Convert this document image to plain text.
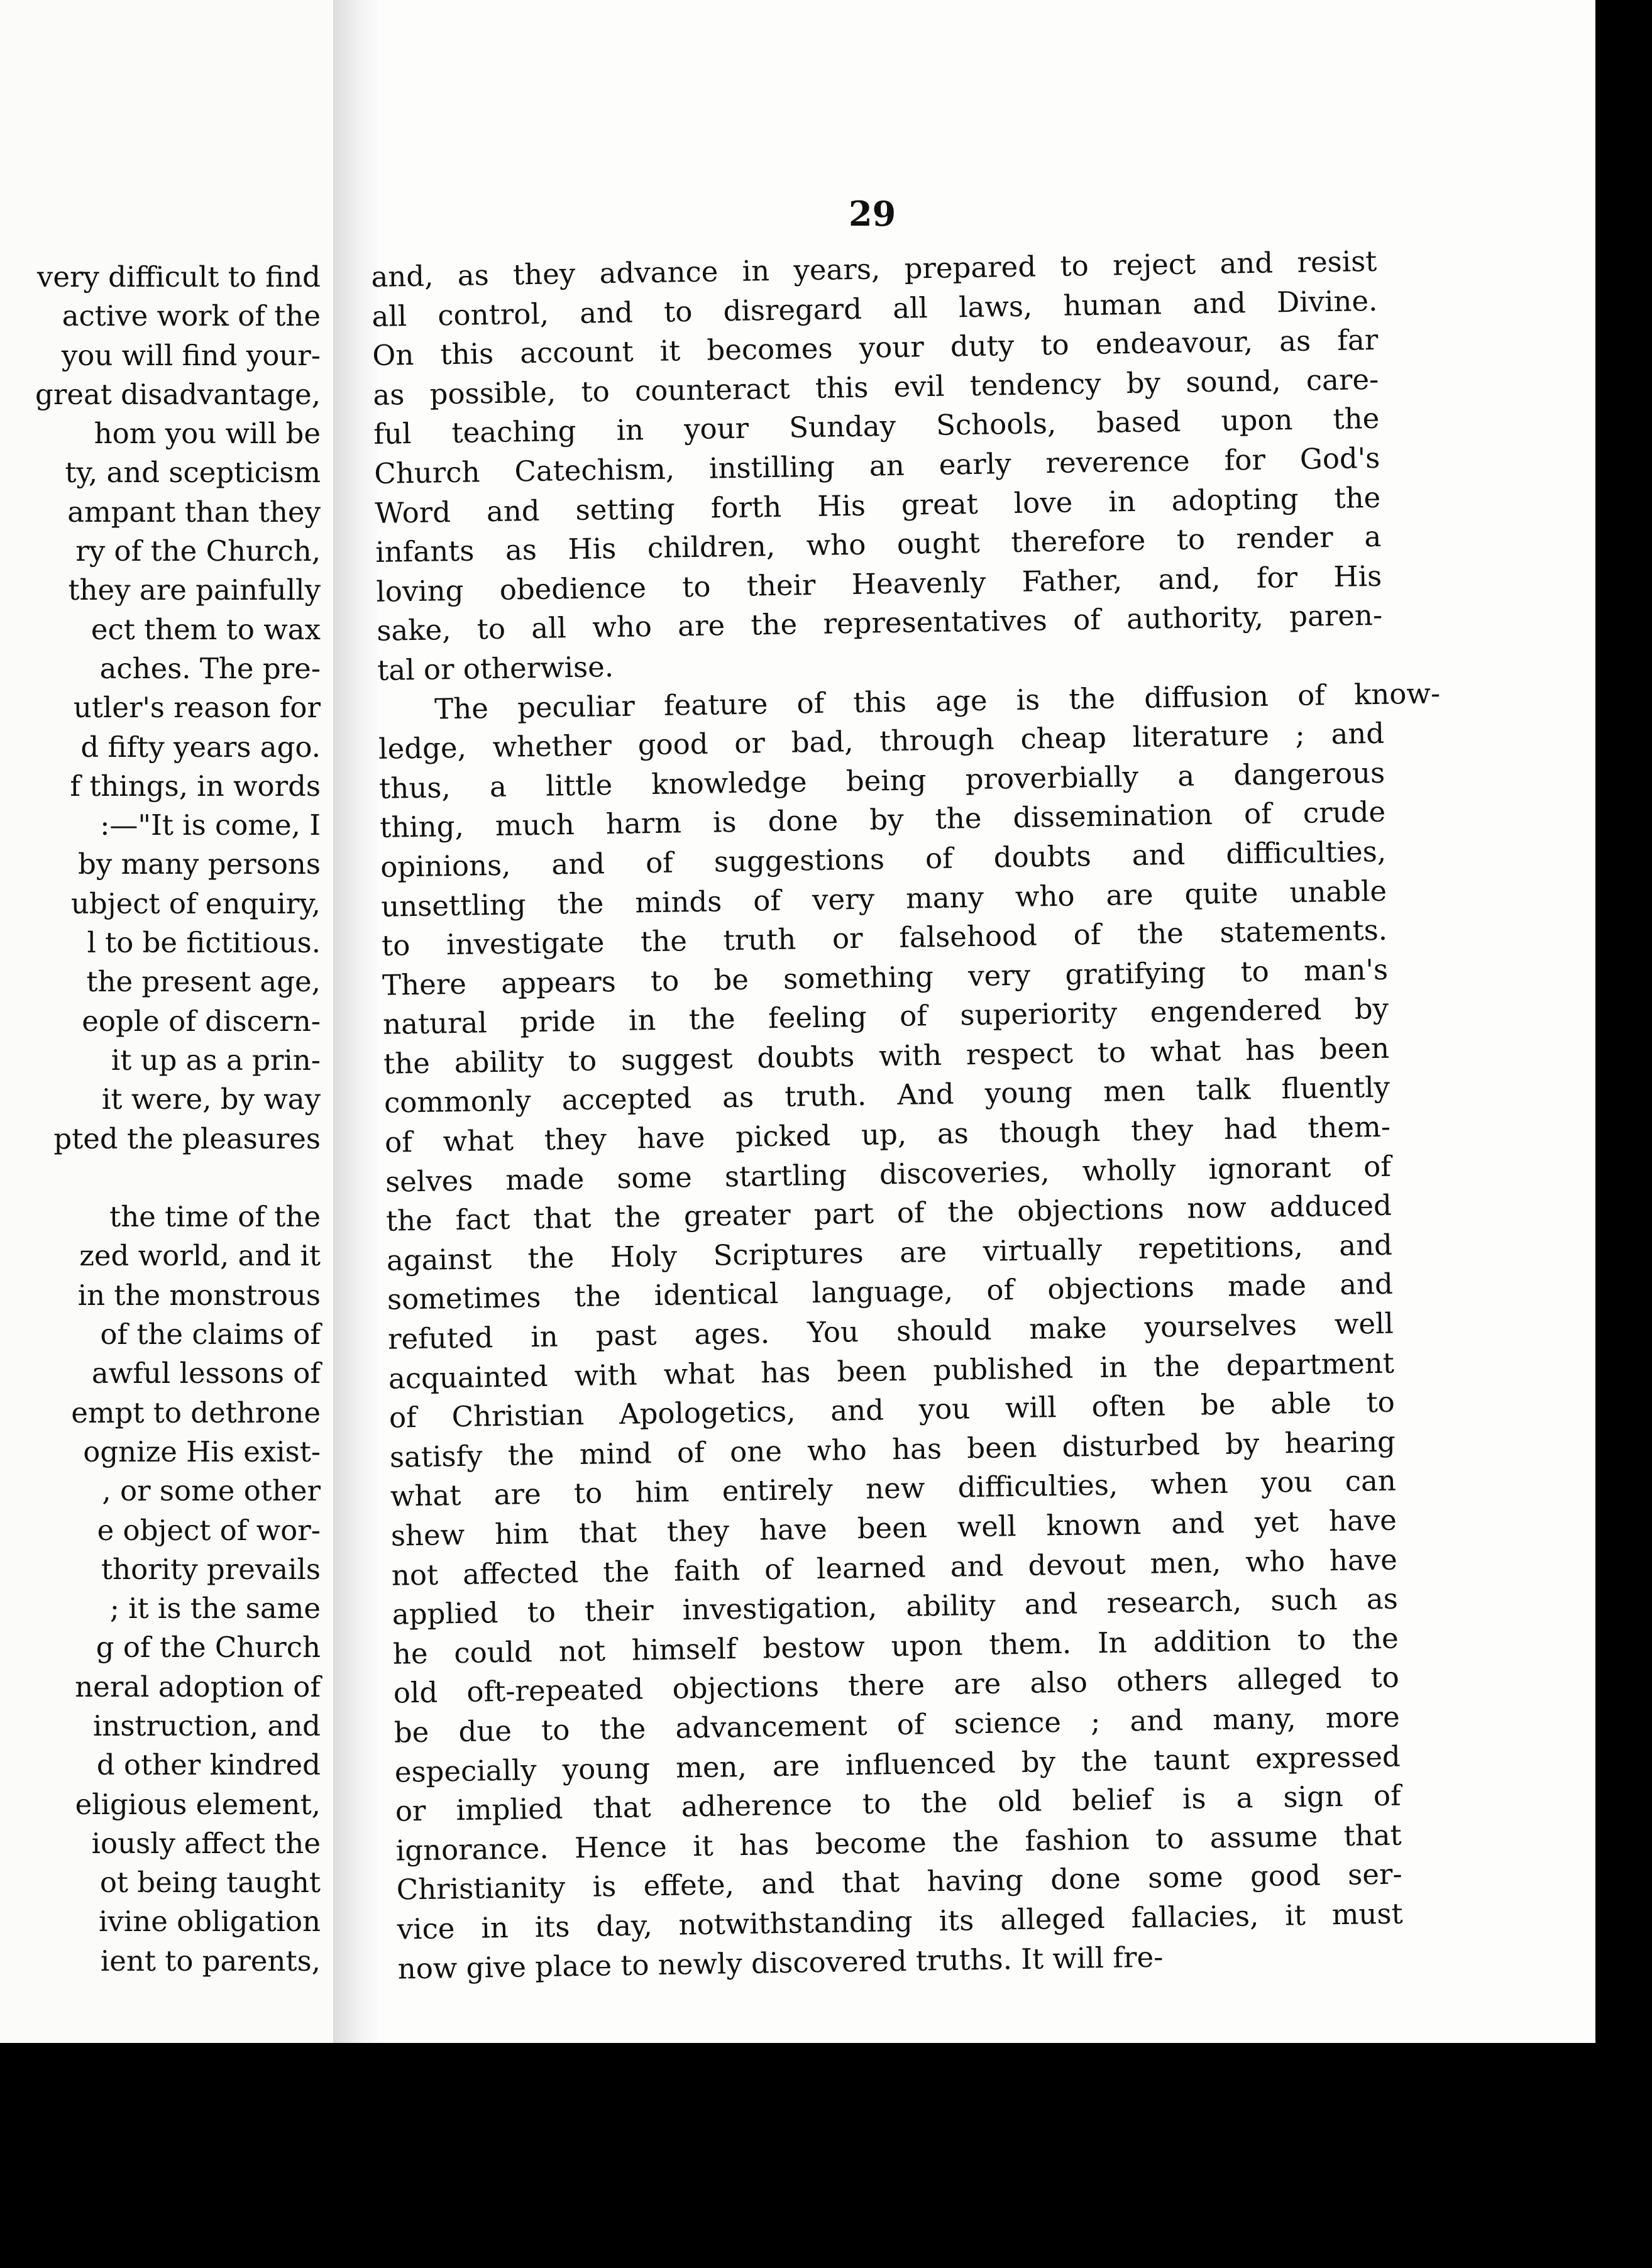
very difficult to find
active work of the
you will find your-
great disadvantage,
hom you will be
ty, and scepticism
ampant than they
ry of the Church,
they are painfully
ect them to wax
aches. The pre-
utler's reason for
d fifty years ago.
f things, in words
:—"It is come, I
by many persons
ubject of enquiry,
l to be fictitious.
the present age,
eople of discern-
it up as a prin-
it were, by way
pted the pleasures

the time of the
zed world, and it
in the monstrous
of the claims of
awful lessons of
empt to dethrone
ognize His exist-
, or some other
e object of wor-
thority prevails
; it is the same
g of the Church
neral adoption of
instruction, and
d other kindred
eligious element,
iously affect the
ot being taught
ivine obligation
ient to parents,
29
and, as they advance in years, prepared to reject and resist
all control, and to disregard all laws, human and Divine.
On this account it becomes your duty to endeavour, as far
as possible, to counteract this evil tendency by sound, care-
ful teaching in your Sunday Schools, based upon the
Church Catechism, instilling an early reverence for God's
Word and setting forth His great love in adopting the
infants as His children, who ought therefore to render a
loving obedience to their Heavenly Father, and, for His
sake, to all who are the representatives of authority, paren-
tal or otherwise.
The peculiar feature of this age is the diffusion of know-
ledge, whether good or bad, through cheap literature ; and
thus, a little knowledge being proverbially a dangerous
thing, much harm is done by the dissemination of crude
opinions, and of suggestions of doubts and difficulties,
unsettling the minds of very many who are quite unable
to investigate the truth or falsehood of the statements.
There appears to be something very gratifying to man's
natural pride in the feeling of superiority engendered by
the ability to suggest doubts with respect to what has been
commonly accepted as truth. And young men talk fluently
of what they have picked up, as though they had them-
selves made some startling discoveries, wholly ignorant of
the fact that the greater part of the objections now adduced
against the Holy Scriptures are virtually repetitions, and
sometimes the identical language, of objections made and
refuted in past ages. You should make yourselves well
acquainted with what has been published in the department
of Christian Apologetics, and you will often be able to
satisfy the mind of one who has been disturbed by hearing
what are to him entirely new difficulties, when you can
shew him that they have been well known and yet have
not affected the faith of learned and devout men, who have
applied to their investigation, ability and research, such as
he could not himself bestow upon them. In addition to the
old oft-repeated objections there are also others alleged to
be due to the advancement of science ; and many, more
especially young men, are influenced by the taunt expressed
or implied that adherence to the old belief is a sign of
ignorance. Hence it has become the fashion to assume that
Christianity is effete, and that having done some good ser-
vice in its day, notwithstanding its alleged fallacies, it must
now give place to newly discovered truths. It will fre-
